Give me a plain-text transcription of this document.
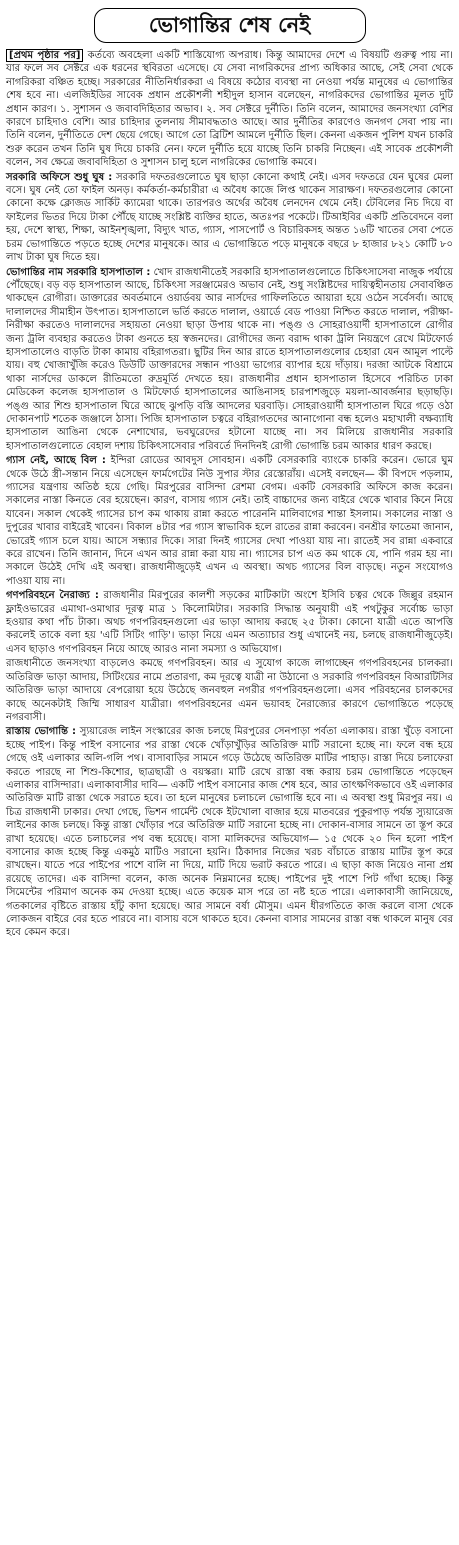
ভোগান্তির শেষ নেই

[প্রথম পৃষ্ঠার পর] কর্তব্যে অবহেলা একটি শাস্তিযোগ্য অপরাধ। কিন্তু আমাদের দেশে এ বিষয়টি গুরুত্ব পায় না। যার ফলে সব সেক্টরে এক ধরনের স্থবিরতা এসেছে। যে সেবা নাগরিকদের প্রাপ্য অধিকার আছে, সেই সেবা থেকে নাগরিকরা বঞ্চিত হচ্ছে। সরকারের নীতিনির্ধারকরা এ বিষয়ে কঠোর ব্যবস্থা না নেওয়া পর্যন্ত মানুষের এ ভোগান্তির শেষ হবে না। এলজিইডির সাবেক প্রধান প্রকৌশলী শহীদুল হাসান বলেছেন, নাগরিকদের ভোগান্তির মূলত দুটি প্রধান কারণ। ১. সুশাসন ও জবাবদিহিতার অভাব। ২. সব সেক্টরে দুর্নীতি। তিনি বলেন, আমাদের জনসংখ্যা বেশির কারণে চাহিদাও বেশি। আর চাহিদার তুলনায় সীমাবদ্ধতাও আছে। আর দুর্নীতির কারণেও জনগণ সেবা পায় না। তিনি বলেন, দুর্নীতিতে দেশ ছেয়ে গেছে। আগে তো ব্রিটিশ আমলে দুর্নীতি ছিল। কেননা একজন পুলিশ যখন চাকরি শুরু করেন তখন তিনি ঘুষ দিয়ে চাকরি নেন। ফলে দুর্নীতি হয়ে যাচ্ছে তিনি চাকরি নিচ্ছেন। এই সাবেক প্রকৌশলী বলেন, সব ক্ষেত্রে জবাবদিহিতা ও সুশাসন চালু হলে নাগরিকের ভোগান্তি কমবে।

সরকারি অফিসে শুধু ঘুষ : সরকারি দফতরগুলোতে ঘুষ ছাড়া কোনো কথাই নেই। এসব দফতরে যেন ঘুষের মেলা বসে। ঘুষ নেই তো ফাইল অনড়। কর্মকর্তা-কর্মচারীরা এ অবৈধ কাজে লিপ্ত থাকেন সারাক্ষণ। দফতরগুলোর কোনো কোনো কক্ষে ক্লোজড সার্কিট ক্যামেরা থাকে। তারপরও অর্থের অবৈধ লেনদেন থেমে নেই। টেবিলের নিচ দিয়ে বা ফাইলের ভিতর দিয়ে টাকা পৌঁছে যাচ্ছে সংশ্লিষ্ট ব্যক্তির হাতে, অতঃপর পকেটে। টিআইবির একটি প্রতিবেদনে বলা হয়, দেশে স্বাস্থ্য, শিক্ষা, আইনশৃঙ্খলা, বিদ্যুৎ খাত, গ্যাস, পাসপোর্ট ও বিচারিকসহ অন্তত ১৬টি খাতের সেবা পেতে চরম ভোগান্তিতে পড়তে হচ্ছে দেশের মানুষকে। আর এ ভোগান্তিতে পড়ে মানুষকে বছরে ৮ হাজার ৮২১ কোটি ৮০ লাখ টাকা ঘুষ দিতে হয়।

ভোগান্তির নাম সরকারি হাসপাতাল : খোদ রাজধানীতেই সরকারি হাসপাতালগুলোতে চিকিৎসাসেবা নাজুক পর্যায়ে পৌঁছেছে। বড় বড় হাসপাতাল আছে, চিকিৎসা সরঞ্জামেরও অভাব নেই, শুধু সংশ্লিষ্টদের দায়িত্বহীনতায় সেবাবঞ্চিত থাকছেন রোগীরা। ডাক্তারের অবর্তমানে ওয়ার্ডবয় আর নার্সদের গাফিলতিতে আয়ারা হয়ে ওঠেন সর্বেসর্বা। আছে দালালদের সীমাহীন উৎপাত। হাসপাতালে ভর্তি করতে দালাল, ওয়ার্ডে বেড পাওয়া নিশ্চিত করতে দালাল, পরীক্ষা-নিরীক্ষা করতেও দালালদের সহায়তা নেওয়া ছাড়া উপায় থাকে না। পঙ্গু ও সোহরাওয়ার্দী হাসপাতালে রোগীর জন্য ট্রলি ব্যবহার করতেও টাকা গুনতে হয় স্বজনদের। রোগীদের জন্য বরাদ্দ থাকা ট্রলি নিয়ন্ত্রণে রেখে মিটফোর্ড হাসপাতালেও বাড়তি টাকা কামায় বহিরাগতরা। ছুটির দিন আর রাতে হাসপাতালগুলোর চেহারা যেন আমূল পাল্টে যায়। বহু খোজাখুঁজি করেও ডিউটি ডাক্তারদের সন্ধান পাওয়া ভাগ্যের ব্যাপার হয়ে দাঁড়ায়। দরজা আটকে বিশ্রামে থাকা নার্সদের ডাকলে রীতিমতো রুদ্রমূর্তি দেখতে হয়। রাজধানীর প্রধান হাসপাতাল হিসেবে পরিচিত ঢাকা মেডিকেল কলেজ হাসপাতাল ও মিটফোর্ড হাসপাতালের আঙিনাসহ চারপাশজুড়ে ময়লা-আবর্জনার ছড়াছড়ি। পঙ্গু আর শিশু হাসপাতাল ঘিরে আছে ঝুপড়ি বস্তি আদলের ঘরবাড়ি। সোহরাওয়ার্দী হাসপাতাল ঘিরে গড়ে ওঠা দোকানপাট শতেক জঞ্জালে ঠাসা। পিজি হাসপাতাল চত্বরে বহিরাগতদের আনাগোনা বন্ধ হলেও মহাখালী বক্ষব্যাধি হাসপাতাল আঙিনা থেকে নেশাখোর, ভবঘুরেদের হটানো যাচ্ছে না। সব মিলিয়ে রাজধানীর সরকারি হাসপাতালগুলোতে বেহাল দশায় চিকিৎসাসেবার পরিবর্তে দিনদিনই রোগী ভোগান্তি চরম আকার ধারণ করছে।

গ্যাস নেই, আছে বিল : ইন্দিরা রোডের আবদুস সোবহান। একটি বেসরকারি ব্যাংকে চাকরি করেন। ভোরে ঘুম থেকে উঠে স্ত্রী-সন্তান নিয়ে এসেছেন ফার্মগেটের নিউ সুপার স্টার রেস্তোরাঁয়। এসেই বলছেন— কী বিপদে পড়লাম, গ্যাসের যন্ত্রণায় অতিষ্ঠ হয়ে গেছি। মিরপুরের বাসিন্দা রেশমা বেগম। একটি বেসরকারি অফিসে কাজ করেন। সকালের নাস্তা কিনতে বের হয়েছেন। কারণ, বাসায় গ্যাস নেই। তাই বাচ্চাদের জন্য বাইরে থেকে খাবার কিনে নিয়ে যাবেন। সকাল থেকেই গ্যাসের চাপ কম থাকায় রান্না করতে পারেননি মালিবাগের শান্তা ইসলাম। সকালের নাস্তা ও দুপুরের খাবার বাইরেই খাবেন। বিকাল ৪টার পর গ্যাস স্বাভাবিক হলে রাতের রান্না করবেন। বনশ্রীর ফাতেমা জানান, ভোরেই গ্যাস চলে যায়। আসে সন্ধ্যার দিকে। সারা দিনই গ্যাসের দেখা পাওয়া যায় না। রাতেই সব রান্না একবারে করে রাখেন। তিনি জানান, দিনে এখন আর রান্না করা যায় না। গ্যাসের চাপ এত কম থাকে যে, পানি গরম হয় না। সকালে উঠেই দেখি এই অবস্থা। রাজধানীজুড়েই এখন এ অবস্থা। অথচ গ্যাসের বিল বাড়ছে। নতুন সংযোগও পাওয়া যায় না।

গণপরিবহনে নৈরাজ্য : রাজধানীর মিরপুরের কালশী সড়কের মাটিকাটা অংশে ইসিবি চত্বর থেকে জিল্লুর রহমান ফ্লাইওভারের এমাথা-ওমাথার দূরত্ব মাত্র ১ কিলোমিটার। সরকারি সিদ্ধান্ত অনুযায়ী এই পথটুকুর সর্বোচ্চ ভাড়া হওয়ার কথা পাঁচ টাকা। অথচ গণপরিবহনগুলো এর ভাড়া আদায় করছে ২৫ টাকা। কোনো যাত্রী এতে আপত্তি করলেই তাকে বলা হয় 'এটি সিটিং গাড়ি'। ভাড়া নিয়ে এমন অত্যাচার শুধু এখানেই নয়, চলছে রাজধানীজুড়েই। এসব ছাড়াও গণপরিবহন নিয়ে আছে আরও নানা সমস্যা ও অভিযোগ।

রাজধানীতে জনসংখ্যা বাড়লেও কমছে গণপরিবহন। আর এ সুযোগ কাজে লাগাচ্ছেন গণপরিবহনের চালকরা। অতিরিক্ত ভাড়া আদায়, সিটিংয়ের নামে প্রতারণা, কম দূরত্বে যাত্রী না উঠানো ও সরকারি গণপরিবহন বিআরটিসির অতিরিক্ত ভাড়া আদায়ে বেপরোয়া হয়ে উঠেছে জনবহুল নগরীর গণপরিবহনগুলো। এসব পরিবহনের চালকদের কাছে অনেকটাই জিম্মি সাধারণ যাত্রীরা। গণপরিবহনের এমন ভয়াবহ নৈরাজ্যের কারণে ভোগান্তিতে পড়েছে নগরবাসী।

রাস্তায় ভোগান্তি : স্যুয়ারেজ লাইন সংস্কারের কাজ চলছে মিরপুরের সেনপাড়া পর্বতা এলাকায়। রাস্তা খুঁড়ে বসানো হচ্ছে পাইপ। কিন্তু পাইপ বসানোর পর রাস্তা থেকে খোঁড়াখুঁড়ির অতিরিক্ত মাটি সরানো হচ্ছে না। ফলে বন্ধ হয়ে গেছে ওই এলাকার অলি-গলি পথ। বাসাবাড়ির সামনে গড়ে উঠেছে অতিরিক্ত মাটির পাহাড়। রাস্তা দিয়ে চলাফেরা করতে পারছে না শিশু-কিশোর, ছাত্রছাত্রী ও বয়স্করা। মাটি রেখে রাস্তা বন্ধ করায় চরম ভোগান্তিতে পড়েছেন এলাকার বাসিন্দারা। এলাকাবাসীর দাবি— একটি পাইপ বসানোর কাজ শেষ হবে, আর তাৎক্ষণিকভাবে ওই এলাকার অতিরিক্ত মাটি রাস্তা থেকে সরাতে হবে। তা হলে মানুষের চলাচলে ভোগান্তি হবে না। এ অবস্থা শুধু মিরপুর নয়। এ চিত্র রাজধানী ঢাকার। দেখা গেছে, ভিশন গার্মেন্ট থেকে ইটখোলা বাজার হয়ে মাতবরের পুকুরপাড় পর্যন্ত স্যুয়ারেজ লাইনের কাজ চলছে। কিন্তু রাস্তা খোঁড়ার পরে অতিরিক্ত মাটি সরানো হচ্ছে না। দোকান-বাসার সামনে তা স্তূপ করে রাখা হয়েছে। এতে চলাচলের পথ বন্ধ হয়েছে। বাসা মালিকদের অভিযোগ— ১৫ থেকে ২০ দিন হলো পাইপ বসানোর কাজ হচ্ছে কিন্তু একমুঠ মাটিও সরানো হয়নি। ঠিকাদার নিজের খরচ বাঁচাতে রাস্তায় মাটির স্তূপ করে রাখছেন। যাতে পরে পাইপের পাশে বালি না দিয়ে, মাটি দিয়ে ভরাট করতে পারে। এ ছাড়া কাজ নিয়েও নানা প্রশ্ন রয়েছে তাদের। এক বাসিন্দা বলেন, কাজ অনেক নিম্নমানের হচ্ছে। পাইপের দুই পাশে পিট গাঁথা হচ্ছে। কিন্তু সিমেন্টের পরিমাণ অনেক কম দেওয়া হচ্ছে। এতে কয়েক মাস পরে তা নষ্ট হতে পারে। এলাকাবাসী জানিয়েছে, গতকালের বৃষ্টিতে রাস্তায় হাঁটু কাদা হয়েছে। আর সামনে বর্ষা মৌসুম। এমন ধীরগতিতে কাজ করলে বাসা থেকে লোকজন বাইরে বের হতে পারবে না। বাসায় বসে থাকতে হবে। কেননা বাসার সামনের রাস্তা বন্ধ থাকলে মানুষ বের হবে কেমন করে।
